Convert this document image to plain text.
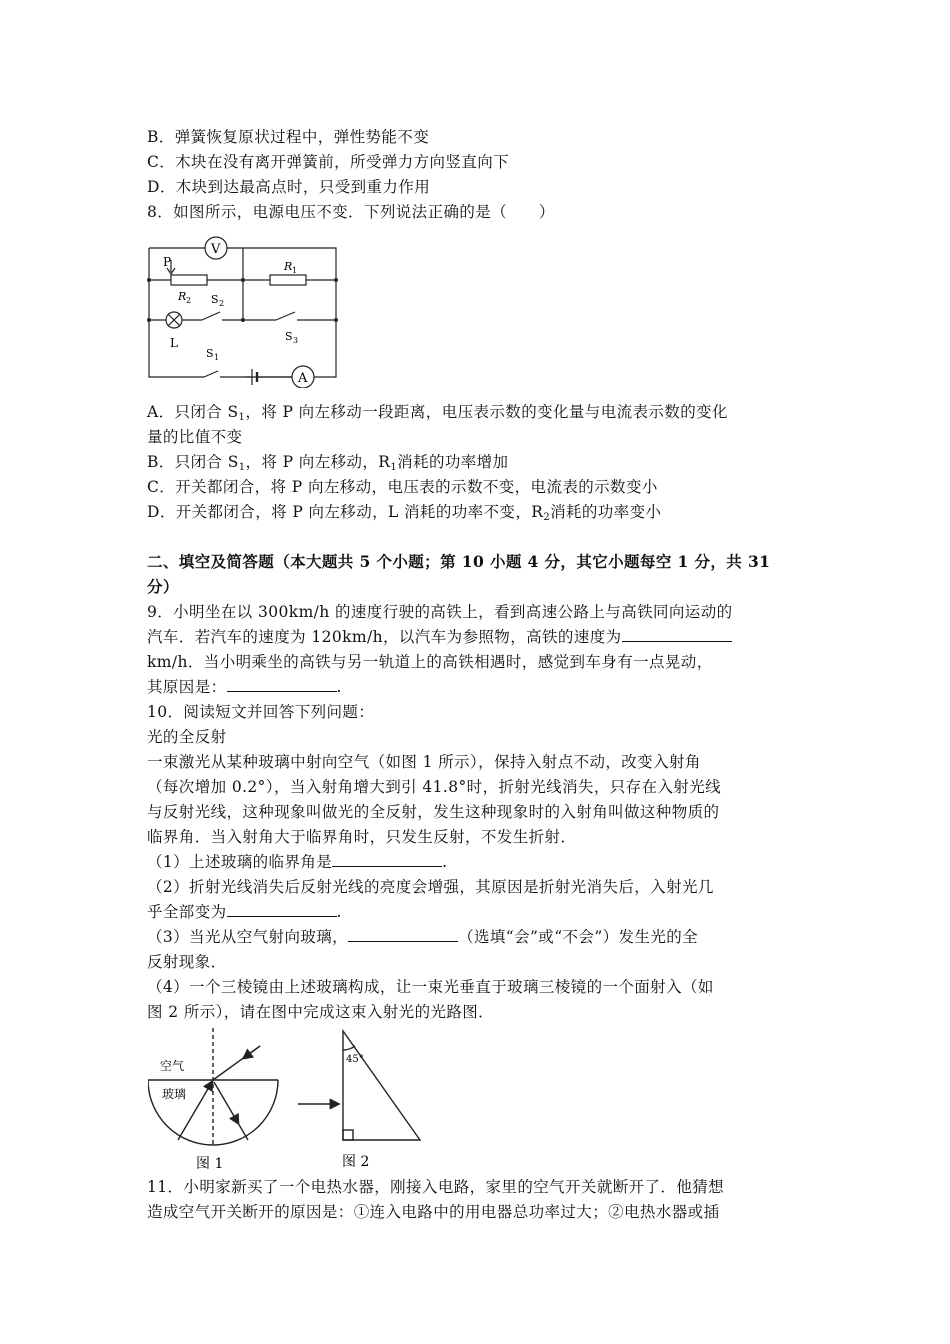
B．弹簧恢复原状过程中，弹性势能不变
C．木块在没有离开弹簧前，所受弹力方向竖直向下
D．木块到达最高点时，只受到重力作用
8．如图所示，电源电压不变．下列说法正确的是（　　）
V
A
P	R 1
R 2 S 2
S 3
L
S 1
A．只闭合 $S_1$，将 P 向左移动一段距离，电压表示数的变化量与电流表示数的变化
量的比值不变
B．只闭合 $S_1$，将 P 向左移动，$R_1$消耗的功率增加
C．开关都闭合，将 P 向左移动，电压表的示数不变，电流表的示数变小
D．开关都闭合，将 P 向左移动，L 消耗的功率不变，$R_2$消耗的功率变小
二、填空及简答题（本大题共 5 个小题；第 10 小题 4 分，其它小题每空 1 分，共 31
分）
9．小明坐在以 300km/h 的速度行驶的高铁上，看到高速公路上与高铁同向运动的
汽车．若汽车的速度为 120km/h，以汽车为参照物，高铁的速度为
km/h．当小明乘坐的高铁与另一轨道上的高铁相遇时，感觉到车身有一点晃动，
其原因是：	.
10．阅读短文并回答下列问题：
光的全反射
一束激光从某种玻璃中射向空气（如图 1 所示），保持入射点不动，改变入射角
（每次增加 0.2°），当入射角增大到引 41.8°时，折射光线消失，只存在入射光线
与反射光线，这种现象叫做光的全反射，发生这种现象时的入射角叫做这种物质的
临界角．当入射角大于临界角时，只发生反射，不发生折射．
（1）上述玻璃的临界角是	.
（2）折射光线消失后反射光线的亮度会增强，其原因是折射光消失后，入射光几
乎全部变为	.
（3）当光从空气射向玻璃，	（选填“会”或“不会”）发生光的全
反射现象．
（4）一个三棱镜由上述玻璃构成，让一束光垂直于玻璃三棱镜的一个面射入（如
图 2 所示），请在图中完成这束入射光的光路图．
空气
玻璃
图 1
45°
图 2
11．小明家新买了一个电热水器，刚接入电路，家里的空气开关就断开了．他猜想
造成空气开关断开的原因是：①连入电路中的用电器总功率过大；②电热水器或插
